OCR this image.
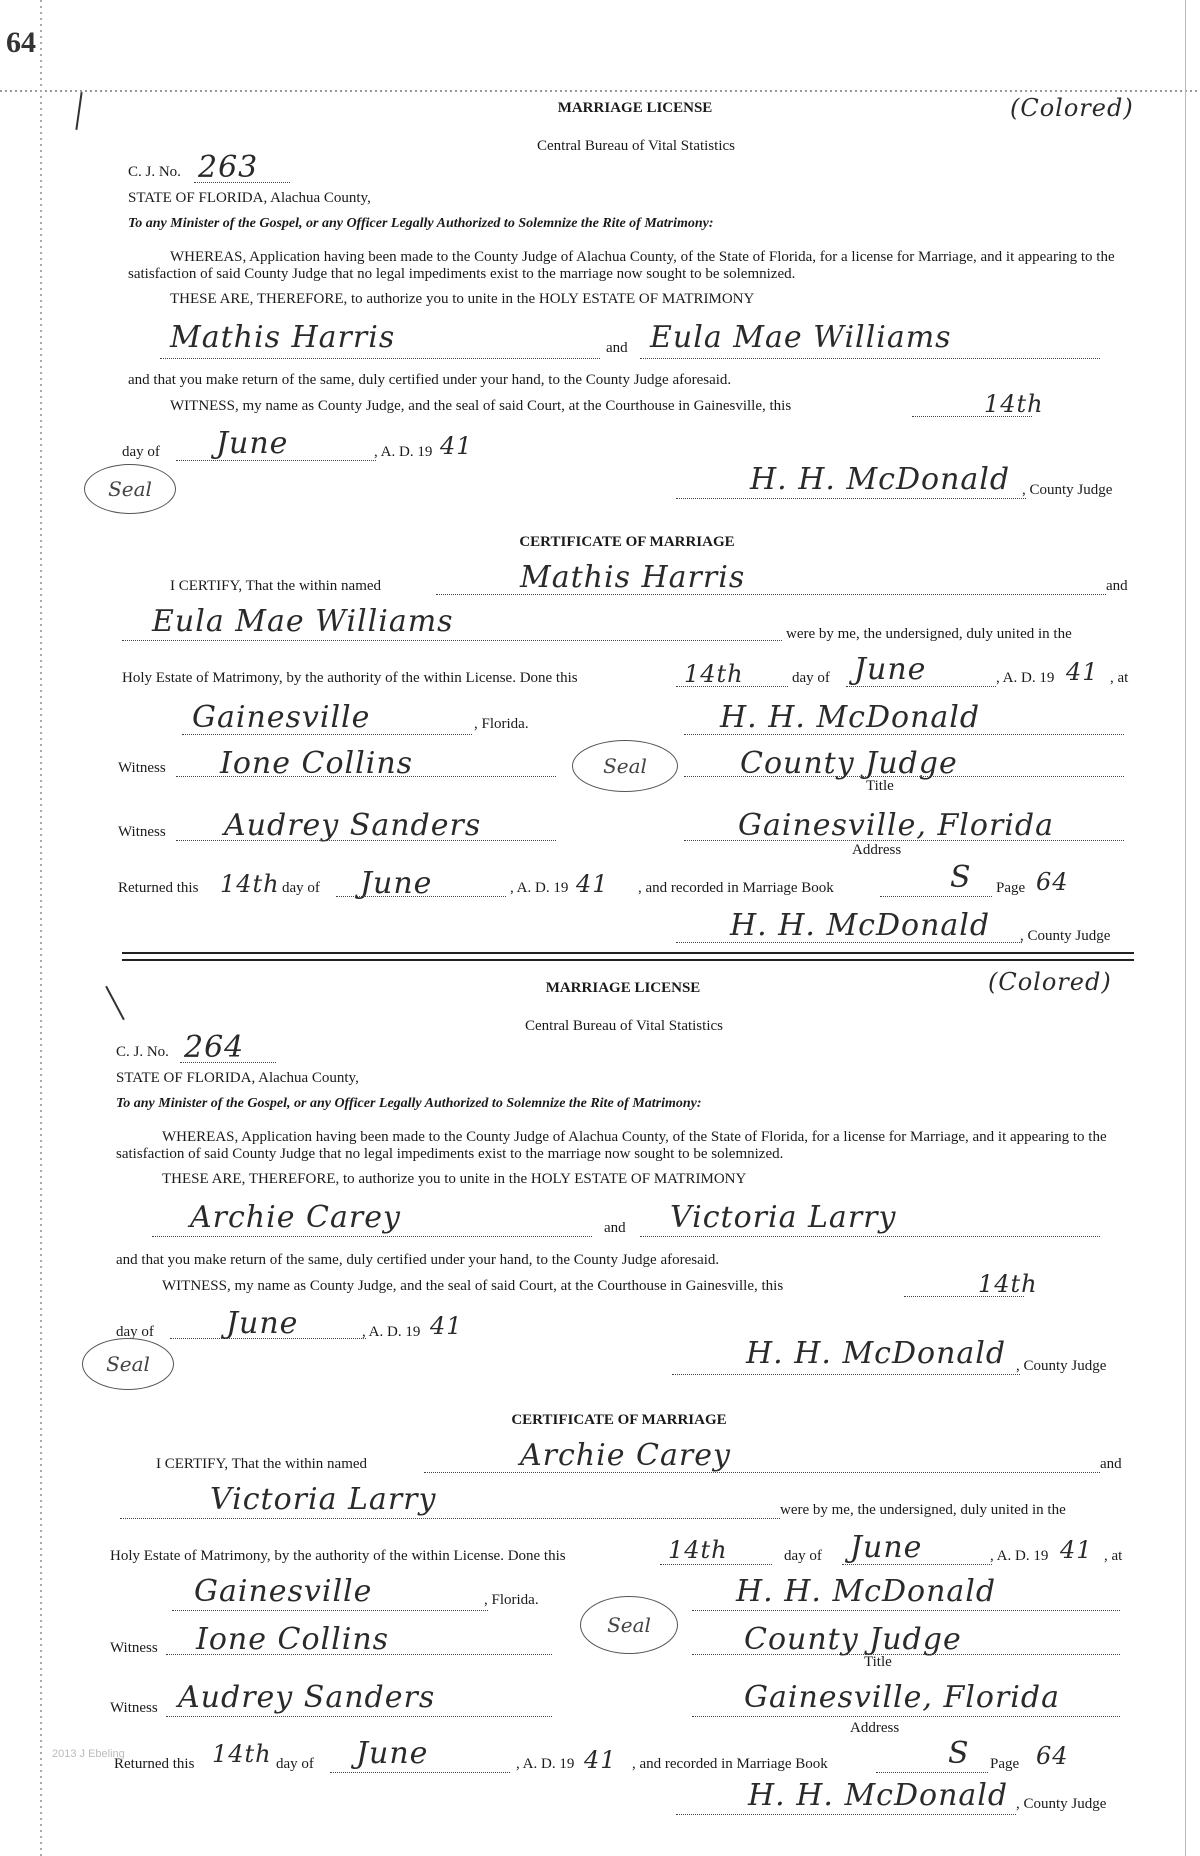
64
MARRIAGE LICENSE	(Colored)
Central Bureau of Vital Statistics
C. J. No. 263
STATE OF FLORIDA, Alachua County,
To any Minister of the Gospel, or any Officer Legally Authorized to Solemnize the Rite of Matrimony:
WHEREAS, Application having been made to the County Judge of Alachua County, of the State of Florida, for a license for Marriage, and it appearing to the satisfaction of said County Judge that no legal impediments exist to the marriage now sought to be solemnized.
THESE ARE, THEREFORE, to authorize you to unite in the HOLY ESTATE OF MATRIMONY
Mathis Harris	and Eula Mae Williams
and that you make return of the same, duly certified under your hand, to the County Judge aforesaid.
WITNESS, my name as County Judge, and the seal of said Court, at the Courthouse in Gainesville, this	14th
day of June	, A. D. 19 41
Seal	H. H. McDonald , County Judge
CERTIFICATE OF MARRIAGE
I CERTIFY, That the within named	Mathis Harris	and
Eula Mae Williams	were by me, the undersigned, duly united in the
Holy Estate of Matrimony, by the authority of the within License. Done this	14th	day of June	, A. D. 19 41 , at
Gainesville	, Florida.	H. H. McDonald
Witness Ione Collins	Seal	County Judge
Title
Witness Audrey Sanders	Gainesville, Florida
Address
Returned this 14th day of June	, A. D. 19 41 , and recorded in Marriage Book	S Page 64
H. H. McDonald , County Judge
MARRIAGE LICENSE	(Colored)
Central Bureau of Vital Statistics
C. J. No. 264
STATE OF FLORIDA, Alachua County,
To any Minister of the Gospel, or any Officer Legally Authorized to Solemnize the Rite of Matrimony:
WHEREAS, Application having been made to the County Judge of Alachua County, of the State of Florida, for a license for Marriage, and it appearing to the satisfaction of said County Judge that no legal impediments exist to the marriage now sought to be solemnized.
THESE ARE, THEREFORE, to authorize you to unite in the HOLY ESTATE OF MATRIMONY
Archie Carey	and Victoria Larry
and that you make return of the same, duly certified under your hand, to the County Judge aforesaid.
WITNESS, my name as County Judge, and the seal of said Court, at the Courthouse in Gainesville, this	14th
day of June	, A. D. 19 41
Seal	H. H. McDonald , County Judge
CERTIFICATE OF MARRIAGE
I CERTIFY, That the within named	Archie Carey	and
Victoria Larry	were by me, the undersigned, duly united in the
Holy Estate of Matrimony, by the authority of the within License. Done this	14th	day of June	, A. D. 19 41 , at
Gainesville	, Florida.	H. H. McDonald
Witness Ione Collins	Seal	County Judge
Title
Witness Audrey Sanders	Gainesville, Florida
Address
Returned this 14th day of June	, A. D. 19 41 , and recorded in Marriage Book	S Page 64
H. H. McDonald , County Judge
2013 J Ebeling
